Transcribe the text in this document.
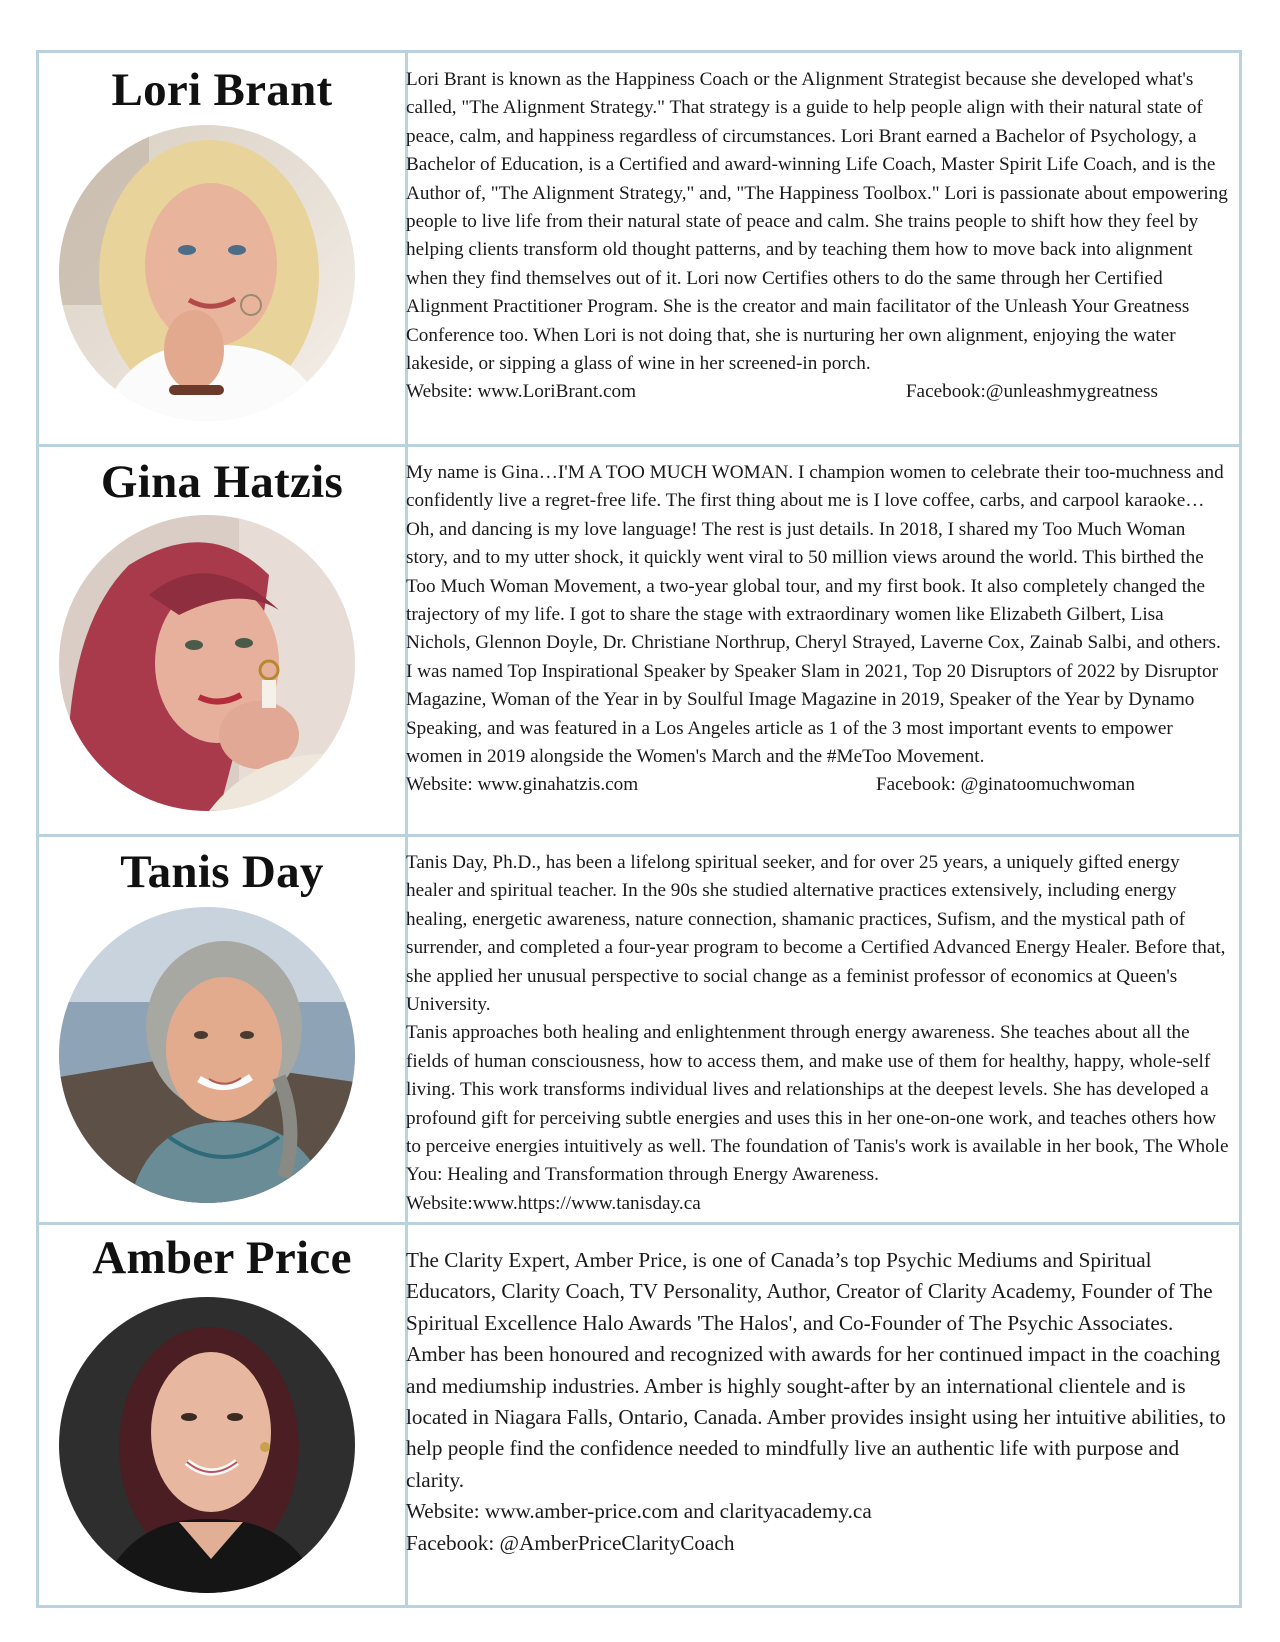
Lori Brant	Lori Brant is known as the Happiness Coach or the Alignment Strategist because she developed what's called, "The Alignment Strategy." That strategy is a guide to help people align with their natural state of peace, calm, and happiness regardless of circumstances. Lori Brant earned a Bachelor of Psychology, a Bachelor of Education, is a Certified and award-winning Life Coach, Master Spirit Life Coach, and is the Author of, "The Alignment Strategy," and, "The Happiness Toolbox." Lori is passionate about empowering people to live life from their natural state of peace and calm. She trains people to shift how they feel by helping clients transform old thought patterns, and by teaching them how to move back into alignment when they find themselves out of it. Lori now Certifies others to do the same through her Certified Alignment Practitioner Program. She is the creator and main facilitator of the Unleash Your Greatness Conference too. When Lori is not doing that, she is nurturing her own alignment, enjoying the water lakeside, or sipping a glass of wine in her screened-in porch.

Website: www.LoriBrant.com	Facebook:@unleashmygreatness
Gina Hatzis	My name is Gina…I'M A TOO MUCH WOMAN. I champion women to celebrate their too-muchness and confidently live a regret-free life. The first thing about me is I love coffee, carbs, and carpool karaoke… Oh, and dancing is my love language! The rest is just details. In 2018, I shared my Too Much Woman story, and to my utter shock, it quickly went viral to 50 million views around the world. This birthed the Too Much Woman Movement, a two-year global tour, and my first book. It also completely changed the trajectory of my life. I got to share the stage with extraordinary women like Elizabeth Gilbert, Lisa Nichols, Glennon Doyle, Dr. Christiane Northrup, Cheryl Strayed, Laverne Cox, Zainab Salbi, and others. I was named Top Inspirational Speaker by Speaker Slam in 2021, Top 20 Disruptors of 2022 by Disruptor Magazine, Woman of the Year in by Soulful Image Magazine in 2019, Speaker of the Year by Dynamo Speaking, and was featured in a Los Angeles article as 1 of the 3 most important events to empower women in 2019 alongside the Women's March and the #MeToo Movement.

Website: www.ginahatzis.com	Facebook: @ginatoomuchwoman
Tanis Day	Tanis Day, Ph.D., has been a lifelong spiritual seeker, and for over 25 years, a uniquely gifted energy healer and spiritual teacher. In the 90s she studied alternative practices extensively, including energy healing, energetic awareness, nature connection, shamanic practices, Sufism, and the mystical path of surrender, and completed a four-year program to become a Certified Advanced Energy Healer. Before that, she applied her unusual perspective to social change as a feminist professor of economics at Queen's University.

Tanis approaches both healing and enlightenment through energy awareness. She teaches about all the fields of human consciousness, how to access them, and make use of them for healthy, happy, whole-self living. This work transforms individual lives and relationships at the deepest levels. She has developed a profound gift for perceiving subtle energies and uses this in her one-on-one work, and teaches others how to perceive energies intuitively as well. The foundation of Tanis's work is available in her book, The Whole You: Healing and Transformation through Energy Awareness.

Website:www.https://www.tanisday.ca
Amber Price	The Clarity Expert, Amber Price, is one of Canada’s top Psychic Mediums and Spiritual Educators, Clarity Coach, TV Personality, Author, Creator of Clarity Academy, Founder of The Spiritual Excellence Halo Awards 'The Halos', and Co-Founder of The Psychic Associates.

Amber has been honoured and recognized with awards for her continued impact in the coaching and mediumship industries. Amber is highly sought-after by an international clientele and is located in Niagara Falls, Ontario, Canada. Amber provides insight using her intuitive abilities, to help people find the confidence needed to mindfully live an authentic life with purpose and clarity.

Website: www.amber-price.com and clarityacademy.ca
Facebook: @AmberPriceClarityCoach
